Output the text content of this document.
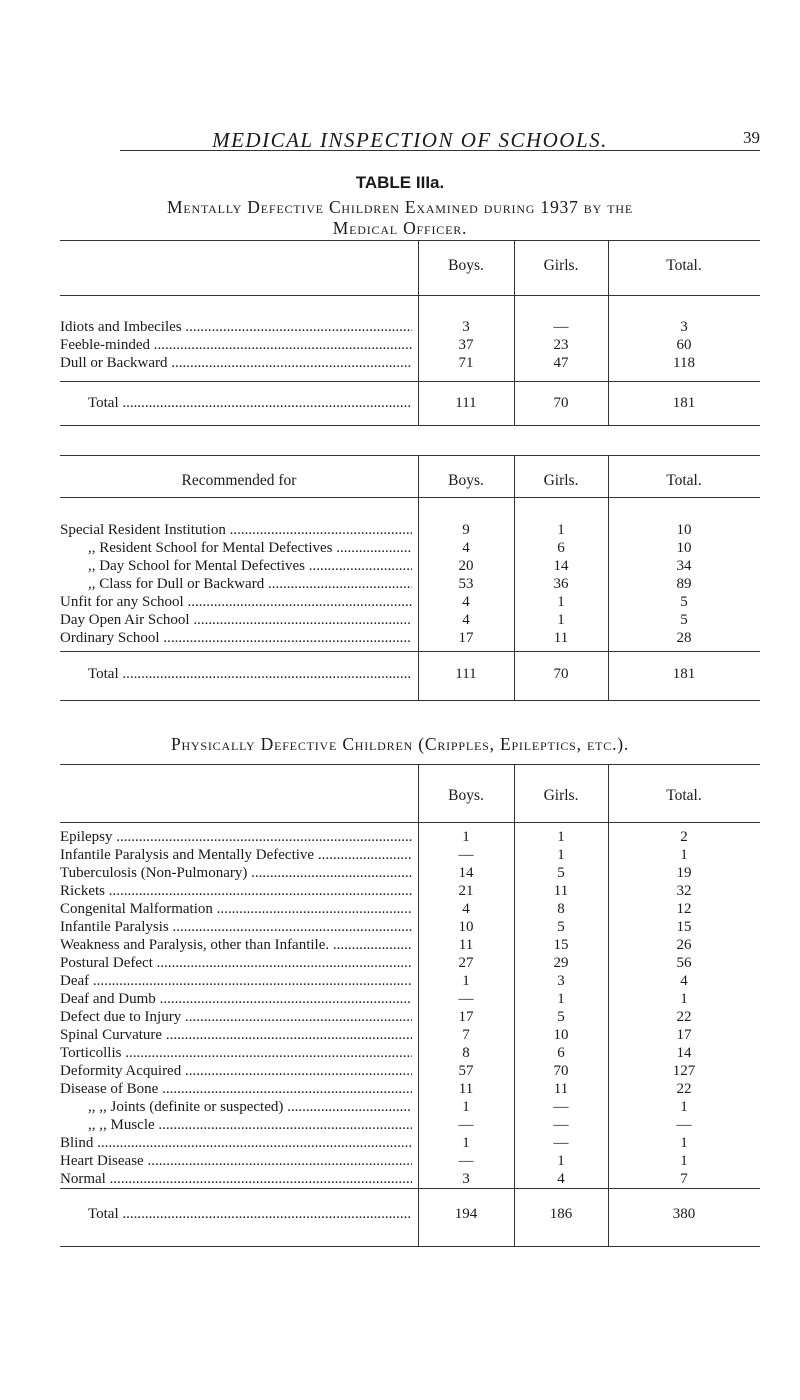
MEDICAL INSPECTION OF SCHOOLS.	39
TABLE IIIa.
Mentally Defective Children Examined during 1937 by the
Medical Officer.
Boys.	Girls.	Total.
Idiots and Imbeciles .....	3	—	3
Feeble-minded .....	37	23	60
Dull or Backward .....	71	47	118
Total .....	111	70	181
Recommended for	Boys.	Girls.	Total.
Special Resident Institution .....	9	1	10
,, Resident School for Mental Defectives .....	4	6	10
,, Day School for Mental Defectives .....	20	14	34
,, Class for Dull or Backward .....	53	36	89
Unfit for any School .....	4	1	5
Day Open Air School .....	4	1	5
Ordinary School .....	17	11	28
Total .....	111	70	181
Physically Defective Children (Cripples, Epileptics, etc.).
Boys.	Girls.	Total.
Epilepsy .....	1	1	2
Infantile Paralysis and Mentally Defective .....	—	1	1
Tuberculosis (Non-Pulmonary) .....	14	5	19
Rickets .....	21	11	32
Congenital Malformation .....	4	8	12
Infantile Paralysis .....	10	5	15
Weakness and Paralysis, other than Infantile. .....	11	15	26
Postural Defect .....	27	29	56
Deaf .....	1	3	4
Deaf and Dumb .....	—	1	1
Defect due to Injury .....	17	5	22
Spinal Curvature .....	7	10	17
Torticollis .....	8	6	14
Deformity Acquired .....	57	70	127
Disease of Bone .....	11	11	22
,, ,, Joints (definite or suspected) .....	1	—	1
,, ,, Muscle .....	—	—	—
Blind .....	1	—	1
Heart Disease .....	—	1	1
Normal .....	3	4	7
Total .....	194	186	380
